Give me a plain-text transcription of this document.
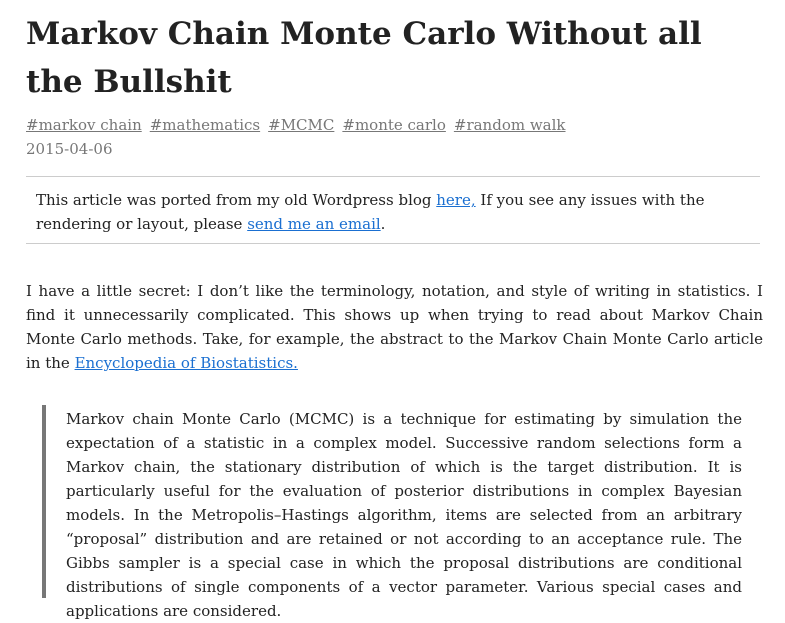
Markov Chain Monte Carlo Without all the Bullshit
#markov chain #mathematics #MCMC #monte carlo #random walk
2015-04-06

This article was ported from my old Wordpress blog here, If you see any issues with the rendering or layout, please send me an email.

I have a little secret: I don’t like the terminology, notation, and style of writing in statistics. I find it unnecessarily complicated. This shows up when trying to read about Markov Chain Monte Carlo methods. Take, for example, the abstract to the Markov Chain Monte Carlo article in the Encyclopedia of Biostatistics.

Markov chain Monte Carlo (MCMC) is a technique for estimating by simulation the expectation of a statistic in a complex model. Successive random selections form a Markov chain, the stationary distribution of which is the target distribution. It is particularly useful for the evaluation of posterior distributions in complex Bayesian models. In the Metropolis–Hastings algorithm, items are selected from an arbitrary “proposal” distribution and are retained or not according to an acceptance rule. The Gibbs sampler is a special case in which the proposal distributions are conditional distributions of single components of a vector parameter. Various special cases and applications are considered.
